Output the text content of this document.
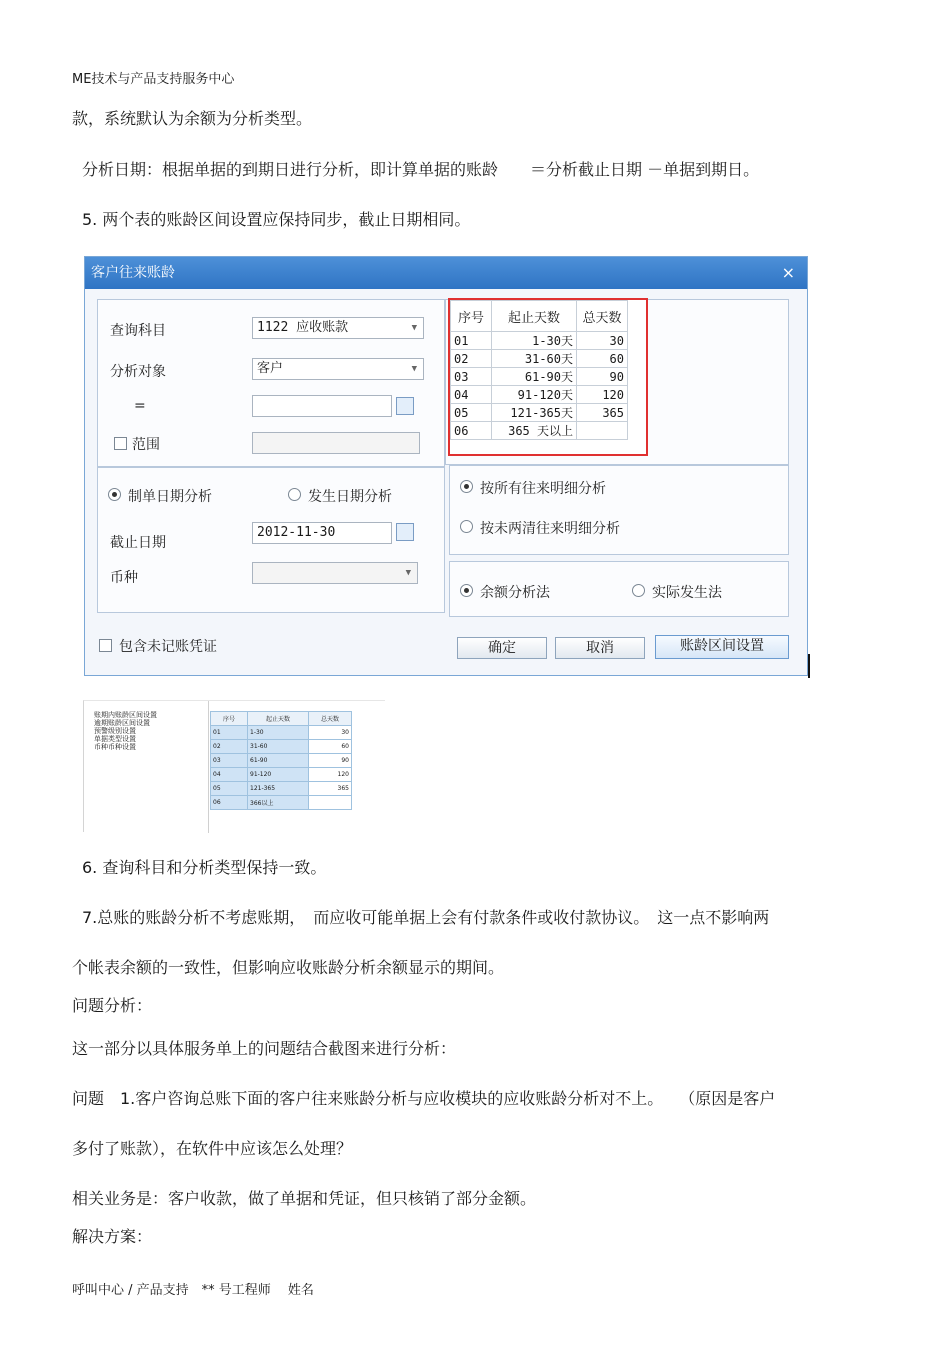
ME技术与产品支持服务中心
款，系统默认为余额为分析类型。
分析日期：根据单据的到期日进行分析，即计算单据的账龄　　＝分析截止日期 －单据到期日。
5. 两个表的账龄区间设置应保持同步，截止日期相同。
客户往来账龄	×
查询科目	1122 应收账款	▼
分析对象	客户	▼
=
范围
制单日期分析	发生日期分析
截止日期
2012-11-30
币种	▼
序号	起止天数	总天数
01	1-30天	30
02	31-60天	60
03	61-90天	90
04	91-120天	120
05	121-365天	365
06	365 天以上	
按所有往来明细分析
按未两清往来明细分析
余额分析法	实际发生法
包含未记账凭证	确定	取消	账龄区间设置
账期内账龄区间设置
逾期账龄区间设置
预警级别设置
单据类型设置
币种币种设置
序号	起止天数	总天数
01	1-30	30
02	31-60	60
03	61-90	90
04	91-120	120
05	121-365	365
06	366以上	
6. 查询科目和分析类型保持一致。
7.总账的账龄分析不考虑账期，　而应收可能单据上会有付款条件或收付款协议。　这一点不影响两
个帐表余额的一致性，但影响应收账龄分析余额显示的期间。
问题分析：
这一部分以具体服务单上的问题结合截图来进行分析：
问题　1.客户咨询总账下面的客户往来账龄分析与应收模块的应收账龄分析对不上。　　（原因是客户
多付了账款），在软件中应该怎么处理？
相关业务是：客户收款，做了单据和凭证，但只核销了部分金额。
解决方案：
呼叫中心 / 产品支持　** 号工程师　 姓名
